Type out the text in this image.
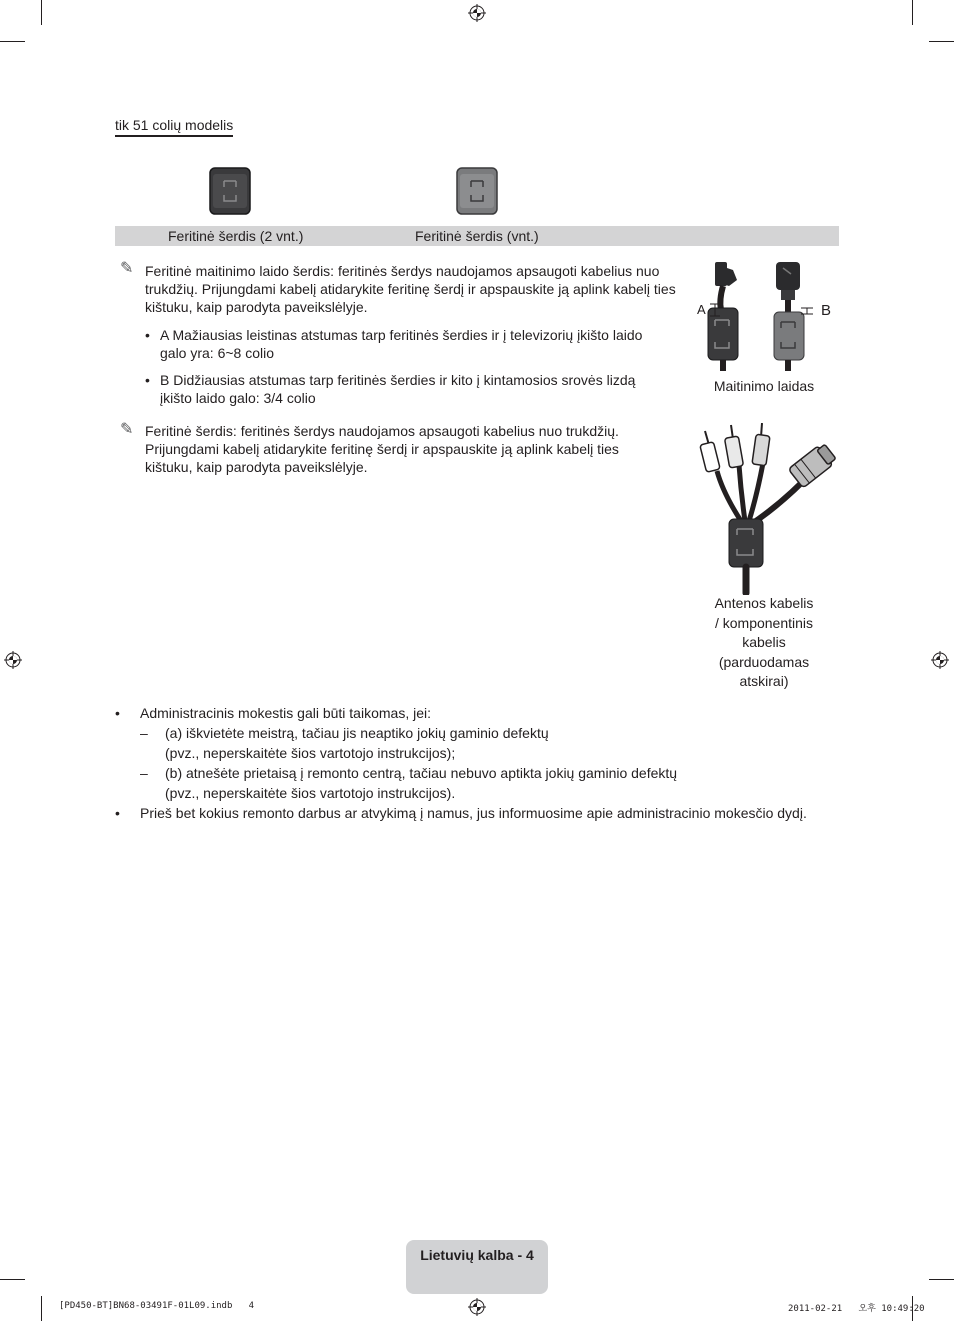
tik 51 colių modelis
Feritinė šerdis (2 vnt.)	Feritinė šerdis (vnt.)
✎ Feritinė maitinimo laido šerdis: feritinės šerdys naudojamos apsaugoti kabelius nuo trukdžių. Prijungdami kabelį atidarykite feritinę šerdį ir apspauskite ją aplink kabelį ties kištuku, kaip parodyta paveikslėlyje.
• A Mažiausias leistinas atstumas tarp feritinės šerdies ir į televizorių įkišto laido galo yra: 6~8 colio
• B Didžiausias atstumas tarp feritinės šerdies ir kito į kintamosios srovės lizdą įkišto laido galo: 3/4 colio
A	B
Maitinimo laidas
✎ Feritinė šerdis: feritinės šerdys naudojamos apsaugoti kabelius nuo trukdžių. Prijungdami kabelį atidarykite feritinę šerdį ir apspauskite ją aplink kabelį ties kištuku, kaip parodyta paveikslėlyje.
Antenos kabelis
/ komponentinis
kabelis
(parduodamas
atskirai)
• Administracinis mokestis gali būti taikomas, jei:
– (a) iškvietėte meistrą, tačiau jis neaptiko jokių gaminio defektų
(pvz., neperskaitėte šios vartotojo instrukcijos);
– (b) atnešėte prietaisą į remonto centrą, tačiau nebuvo aptikta jokių gaminio defektų
(pvz., neperskaitėte šios vartotojo instrukcijos).
• Prieš bet kokius remonto darbus ar atvykimą į namus, jus informuosime apie administracinio mokesčio dydį.
Lietuvių kalba - 4
[PD450-BT]BN68-03491F-01L09.indb   4	2011-02-21   오후 10:49:20
